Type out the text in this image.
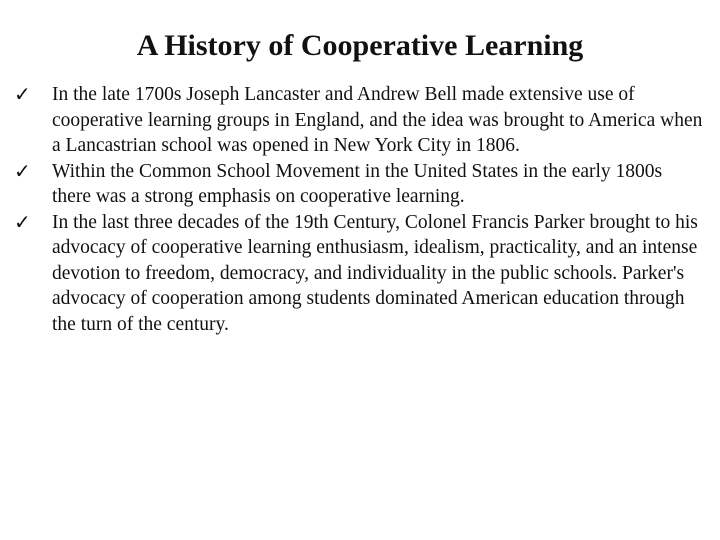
A History of Cooperative Learning
✓	In the late 1700s Joseph Lancaster and Andrew Bell made extensive use of cooperative learning groups in England, and the idea was brought to America when a Lancastrian school was opened in New York City in 1806.
✓	Within the Common School Movement in the United States in the early 1800s there was a strong emphasis on cooperative learning.
✓	In the last three decades of the 19th Century, Colonel Francis Parker brought to his advocacy of cooperative learning enthusiasm, idealism, practicality, and an intense devotion to freedom, democracy, and individuality in the public schools. Parker's advocacy of cooperation among students dominated American education through the turn of the century.
